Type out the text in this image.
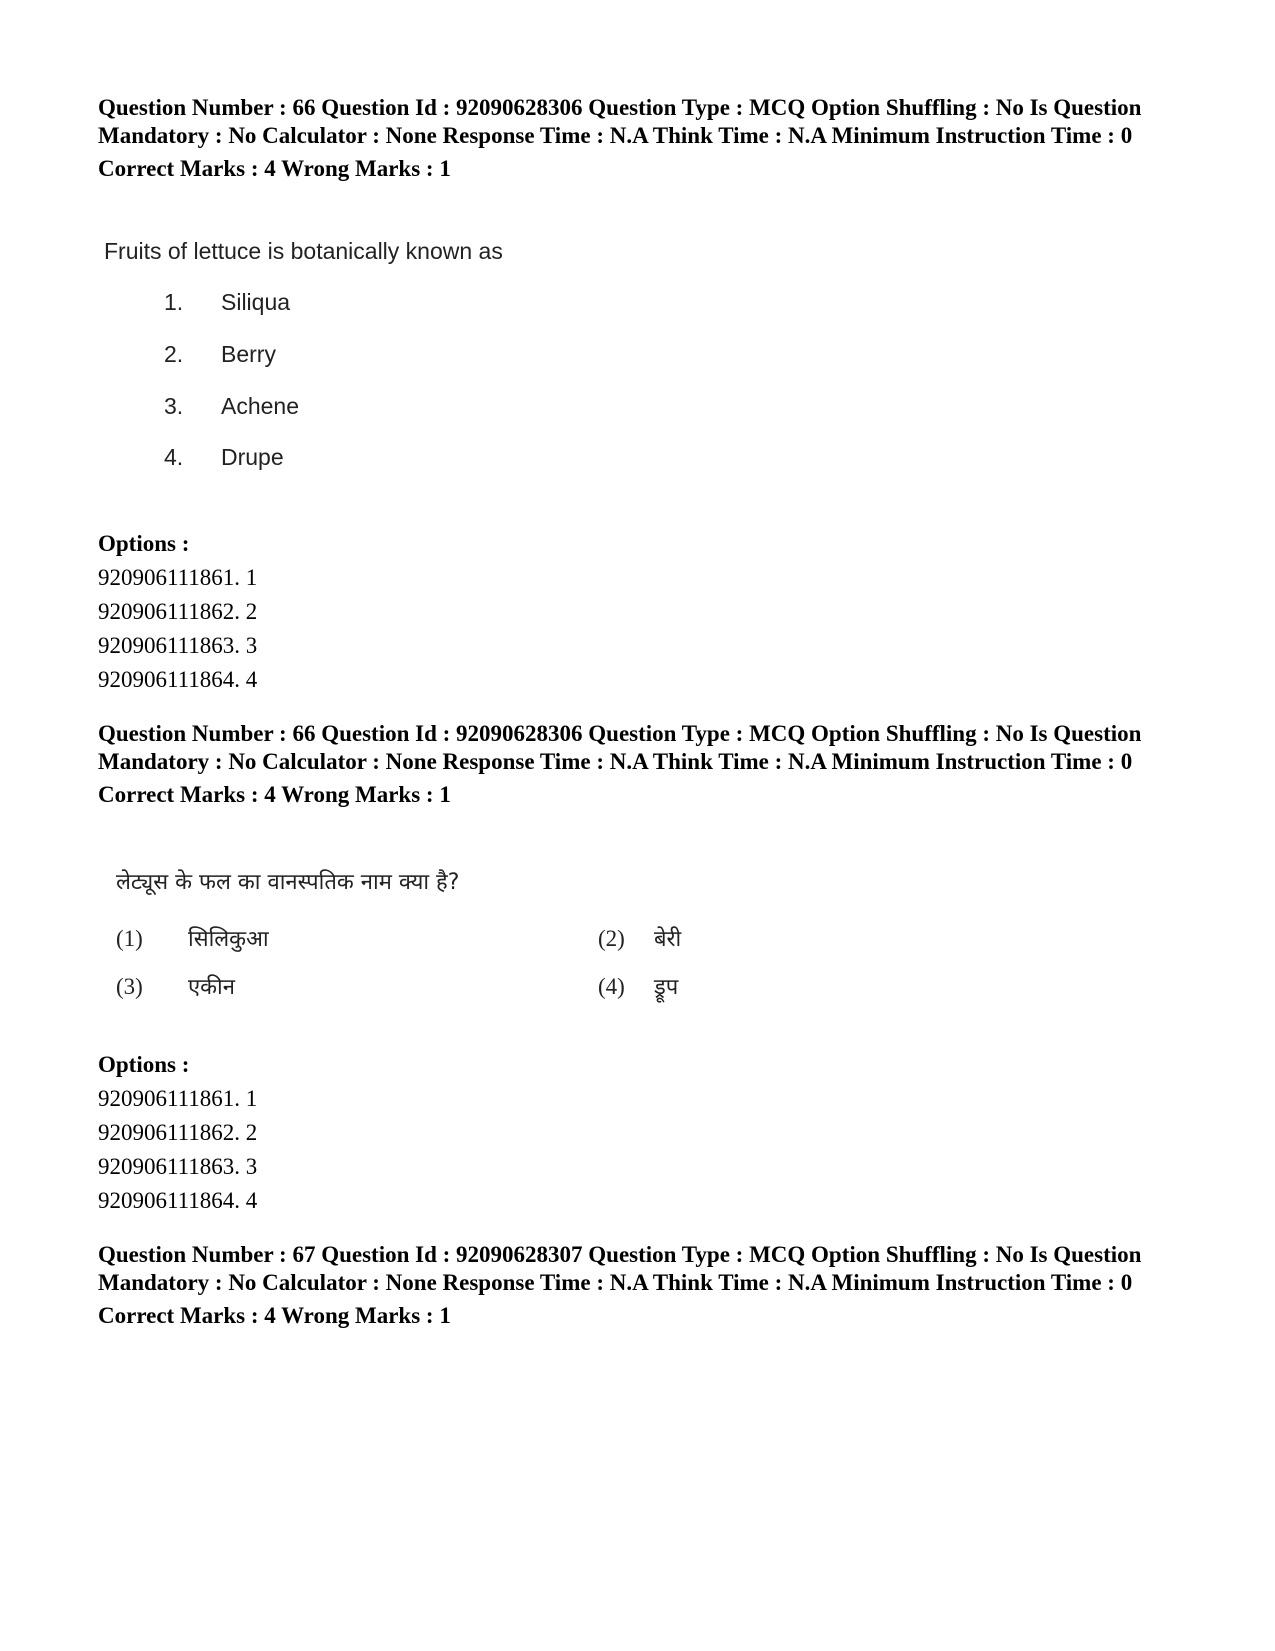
Question Number : 66 Question Id : 92090628306 Question Type : MCQ Option Shuffling : No Is Question Mandatory : No Calculator : None Response Time : N.A Think Time : N.A Minimum Instruction Time : 0

Correct Marks : 4 Wrong Marks : 1

Fruits of lettuce is botanically known as
1. Siliqua
2. Berry
3. Achene
4. Drupe

Options :

920906111861. 1

920906111862. 2

920906111863. 3

920906111864. 4

Question Number : 66 Question Id : 92090628306 Question Type : MCQ Option Shuffling : No Is Question Mandatory : No Calculator : None Response Time : N.A Think Time : N.A Minimum Instruction Time : 0

Correct Marks : 4 Wrong Marks : 1

लेट्यूस के फल का वानस्पतिक नाम क्या है?
(1) सिलिकुआ	(2) बेरी
(3) एकीन	(4) ड्रूप

Options :

920906111861. 1

920906111862. 2

920906111863. 3

920906111864. 4

Question Number : 67 Question Id : 92090628307 Question Type : MCQ Option Shuffling : No Is Question Mandatory : No Calculator : None Response Time : N.A Think Time : N.A Minimum Instruction Time : 0

Correct Marks : 4 Wrong Marks : 1
